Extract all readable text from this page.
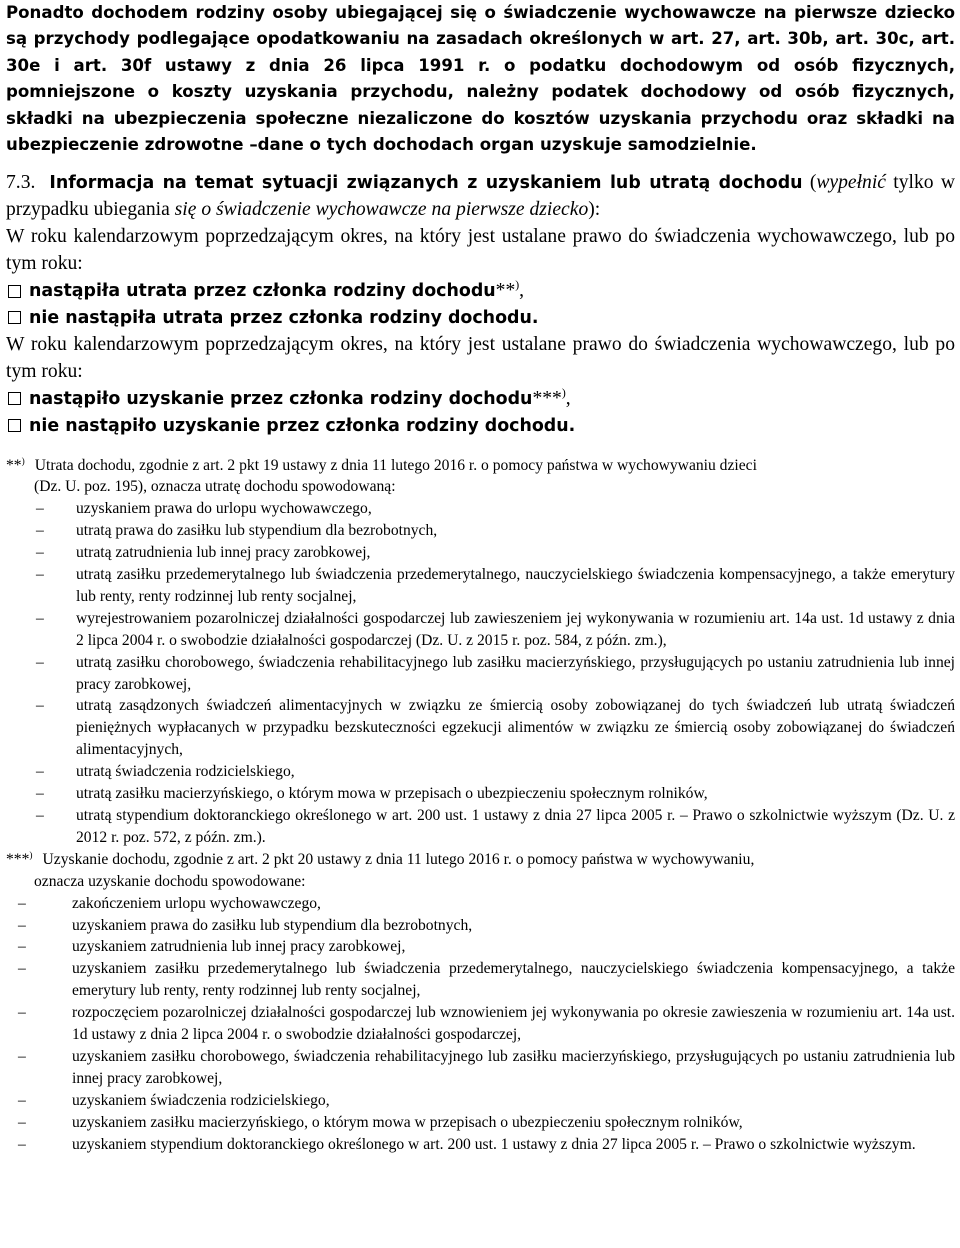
Ponadto dochodem rodziny osoby ubiegającej się o świadczenie wychowawcze na pierwsze dziecko są przychody podlegające opodatkowaniu na zasadach określonych w art. 27, art. 30b, art. 30c, art. 30e i art. 30f ustawy z dnia 26 lipca 1991 r. o podatku dochodowym od osób fizycznych, pomniejszone o koszty uzyskania przychodu, należny podatek dochodowy od osób fizycznych, składki na ubezpieczenia społeczne niezaliczone do kosztów uzyskania przychodu oraz składki na ubezpieczenie zdrowotne –dane o tych dochodach organ uzyskuje samodzielnie.

7.3. Informacja na temat sytuacji związanych z uzyskaniem lub utratą dochodu (wypełnić tylko w przypadku ubiegania się o świadczenie wychowawcze na pierwsze dziecko):

W roku kalendarzowym poprzedzającym okres, na który jest ustalane prawo do świadczenia wychowawczego, lub po tym roku:

nastąpiła utrata przez członka rodziny dochodu**),

nie nastąpiła utrata przez członka rodziny dochodu.

W roku kalendarzowym poprzedzającym okres, na który jest ustalane prawo do świadczenia wychowawczego, lub po tym roku:

nastąpiło uzyskanie przez członka rodziny dochodu***),

nie nastąpiło uzyskanie przez członka rodziny dochodu.

**) Utrata dochodu, zgodnie z art. 2 pkt 19 ustawy z dnia 11 lutego 2016 r. o pomocy państwa w wychowywaniu dzieci
(Dz. U. poz. 195), oznacza utratę dochodu spowodowaną:

– uzyskaniem prawa do urlopu wychowawczego,
– utratą prawa do zasiłku lub stypendium dla bezrobotnych,
– utratą zatrudnienia lub innej pracy zarobkowej,
– utratą zasiłku przedemerytalnego lub świadczenia przedemerytalnego, nauczycielskiego świadczenia kompensacyjnego, a także emerytury lub renty, renty rodzinnej lub renty socjalnej,
– wyrejestrowaniem pozarolniczej działalności gospodarczej lub zawieszeniem jej wykonywania w rozumieniu art. 14a ust. 1d ustawy z dnia 2 lipca 2004 r. o swobodzie działalności gospodarczej (Dz. U. z 2015 r. poz. 584, z późn. zm.),
– utratą zasiłku chorobowego, świadczenia rehabilitacyjnego lub zasiłku macierzyńskiego, przysługujących po ustaniu zatrudnienia lub innej pracy zarobkowej,
– utratą zasądzonych świadczeń alimentacyjnych w związku ze śmiercią osoby zobowiązanej do tych świadczeń lub utratą świadczeń pieniężnych wypłacanych w przypadku bezskuteczności egzekucji alimentów w związku ze śmiercią osoby zobowiązanej do świadczeń alimentacyjnych,
– utratą świadczenia rodzicielskiego,
– utratą zasiłku macierzyńskiego, o którym mowa w przepisach o ubezpieczeniu społecznym rolników,
– utratą stypendium doktoranckiego określonego w art. 200 ust. 1 ustawy z dnia 27 lipca 2005 r. – Prawo o szkolnictwie wyższym (Dz. U. z 2012 r. poz. 572, z późn. zm.).

***) Uzyskanie dochodu, zgodnie z art. 2 pkt 20 ustawy z dnia 11 lutego 2016 r. o pomocy państwa w wychowywaniu,
oznacza uzyskanie dochodu spowodowane:

– zakończeniem urlopu wychowawczego,
– uzyskaniem prawa do zasiłku lub stypendium dla bezrobotnych,
– uzyskaniem zatrudnienia lub innej pracy zarobkowej,
– uzyskaniem zasiłku przedemerytalnego lub świadczenia przedemerytalnego, nauczycielskiego świadczenia kompensacyjnego, a także emerytury lub renty, renty rodzinnej lub renty socjalnej,
– rozpoczęciem pozarolniczej działalności gospodarczej lub wznowieniem jej wykonywania po okresie zawieszenia w rozumieniu art. 14a ust. 1d ustawy z dnia 2 lipca 2004 r. o swobodzie działalności gospodarczej,
– uzyskaniem zasiłku chorobowego, świadczenia rehabilitacyjnego lub zasiłku macierzyńskiego, przysługujących po ustaniu zatrudnienia lub innej pracy zarobkowej,
– uzyskaniem świadczenia rodzicielskiego,
– uzyskaniem zasiłku macierzyńskiego, o którym mowa w przepisach o ubezpieczeniu społecznym rolników,
– uzyskaniem stypendium doktoranckiego określonego w art. 200 ust. 1 ustawy z dnia 27 lipca 2005 r. – Prawo o szkolnictwie wyższym.
